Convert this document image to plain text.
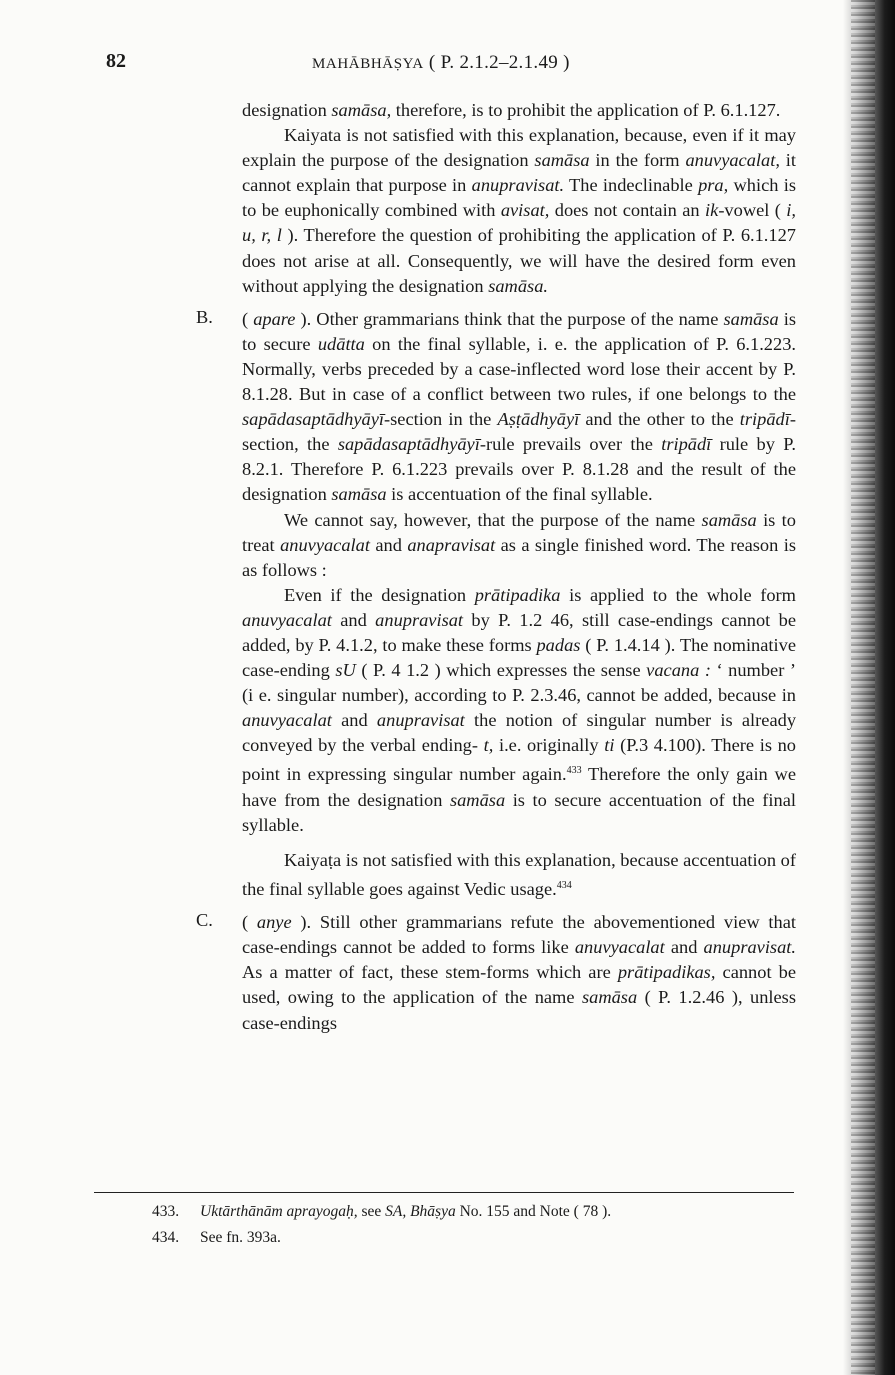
82	MAHĀBHĀṢYA ( P. 2.1.2–2.1.49 )

designation samāsa, therefore, is to prohibit the application of P. 6.1.127.

Kaiyata is not satisfied with this explanation, because, even if it may explain the purpose of the designation samāsa in the form anuvyacalat, it cannot explain that purpose in anupravisat. The indeclinable pra, which is to be euphonically combined with avisat, does not contain an ik-vowel ( i, u, r, l ). Therefore the question of prohibiting the application of P. 6.1.127 does not arise at all. Consequently, we will have the desired form even without applying the designation samāsa.

B. ( apare ). Other grammarians think that the purpose of the name samāsa is to secure udātta on the final syllable, i. e. the application of P. 6.1.223. Normally, verbs preceded by a case-inflected word lose their accent by P. 8.1.28. But in case of a conflict between two rules, if one belongs to the sapādasaptādhyāyī-section in the Aṣṭādhyāyī and the other to the tripādī-section, the sapādasaptādhyāyī-rule prevails over the tripādī rule by P. 8.2.1. Therefore P. 6.1.223 prevails over P. 8.1.28 and the result of the designation samāsa is accentuation of the final syllable.

We cannot say, however, that the purpose of the name samāsa is to treat anuvyacalat and anapravisat as a single finished word. The reason is as follows :

Even if the designation prātipadika is applied to the whole form anuvyacalat and anupravisat by P. 1.2 46, still case-endings cannot be added, by P. 4.1.2, to make these forms padas ( P. 1.4.14 ). The nominative case-ending sU ( P. 4 1.2 ) which expresses the sense vacana : ‘ number ’ (i e. singular number), according to P. 2.3.46, cannot be added, because in anuvyacalat and anupravisat the notion of singular number is already conveyed by the verbal ending- t, i.e. originally ti (P.3 4.100). There is no point in expressing singular number again.$^{433}$ Therefore the only gain we have from the designation samāsa is to secure accentuation of the final syllable.

Kaiyaṭa is not satisfied with this explanation, because accentuation of the final syllable goes against Vedic usage.$^{434}$

C. ( anye ). Still other grammarians refute the abovementioned view that case-endings cannot be added to forms like anuvyacalat and anupravisat. As a matter of fact, these stem-forms which are prātipadikas, cannot be used, owing to the application of the name samāsa ( P. 1.2.46 ), unless case-endings

433. Uktārthānām aprayogaḥ, see SA, Bhāṣya No. 155 and Note ( 78 ).
434. See fn. 393a.
